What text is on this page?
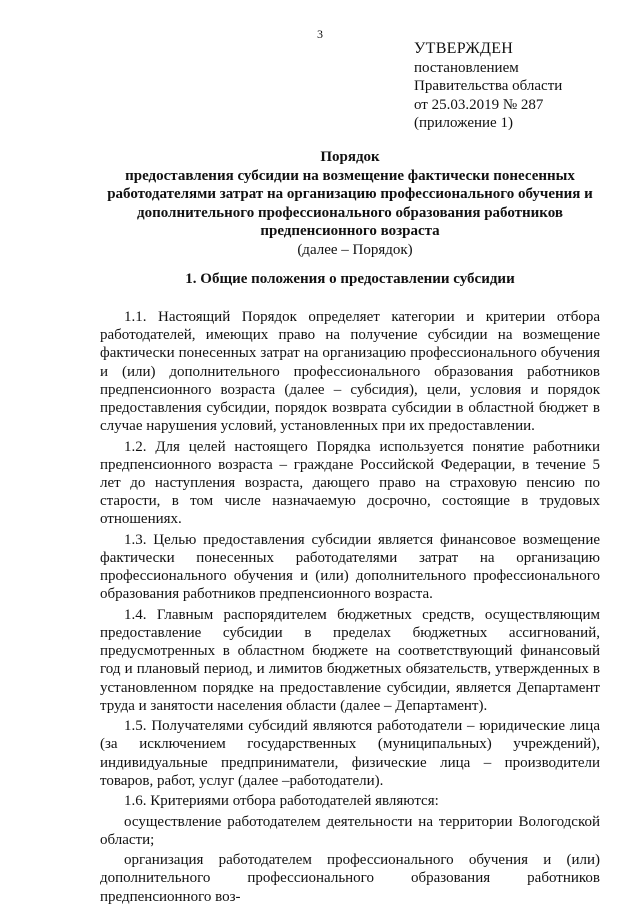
3
УТВЕРЖДЕН
постановлением
Правительства области
от 25.03.2019 № 287
(приложение 1)
Порядок
предоставления субсидии на возмещение фактически понесенных работодателями затрат на организацию профессионального обучения и дополнительного профессионального образования работников предпенсионного возраста
(далее – Порядок)
1. Общие положения о предоставлении субсидии

1.1. Настоящий Порядок определяет категории и критерии отбора работодателей, имеющих право на получение субсидии на возмещение фактически понесенных затрат на организацию профессионального обучения и (или) дополнительного профессионального образования работников предпенсионного возраста (далее – субсидия), цели, условия и порядок предоставления субсидии, порядок возврата субсидии в областной бюджет в случае нарушения условий, установленных при их предоставлении.

1.2. Для целей настоящего Порядка используется понятие работники предпенсионного возраста – граждане Российской Федерации, в течение 5 лет до наступления возраста, дающего право на страховую пенсию по старости, в том числе назначаемую досрочно, состоящие в трудовых отношениях.

1.3. Целью предоставления субсидии является финансовое возмещение фактически понесенных работодателями затрат на организацию профессионального обучения и (или) дополнительного профессионального образования работников предпенсионного возраста.

1.4. Главным распорядителем бюджетных средств, осуществляющим предоставление субсидии в пределах бюджетных ассигнований, предусмотренных в областном бюджете на соответствующий финансовый год и плановый период, и лимитов бюджетных обязательств, утвержденных в установленном порядке на предоставление субсидии, является Департамент труда и занятости населения области (далее – Департамент).

1.5. Получателями субсидий являются работодатели – юридические лица (за исключением государственных (муниципальных) учреждений), индивидуальные предприниматели, физические лица – производители товаров, работ, услуг (далее –работодатели).

1.6. Критериями отбора работодателей являются:

осуществление работодателем деятельности на территории Вологодской области;

организация работодателем профессионального обучения и (или) дополнительного профессионального образования работников предпенсионного воз-
